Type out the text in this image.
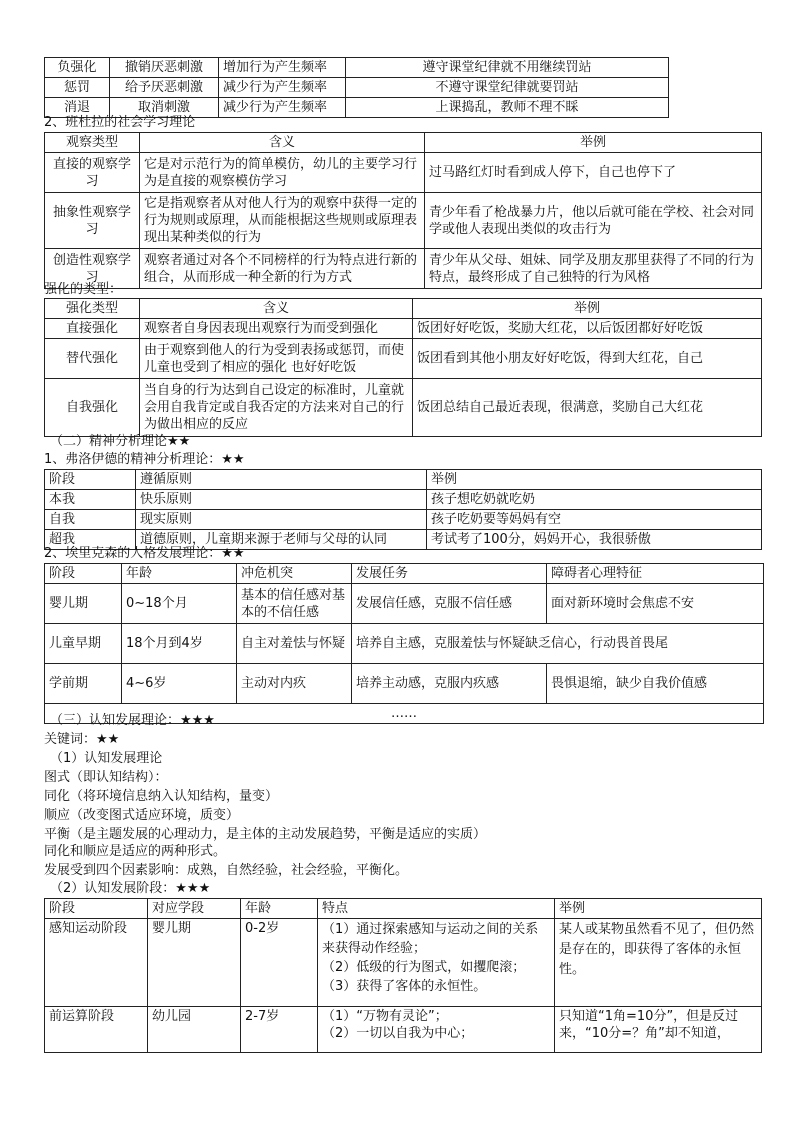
负强化	撤销厌恶刺激	增加行为产生频率	遵守课堂纪律就不用继续罚站
惩罚	给予厌恶刺激	减少行为产生频率	不遵守课堂纪律就要罚站
消退	取消刺激	减少行为产生频率	上课捣乱，教师不理不睬
2、班杜拉的社会学习理论
观察类型	含义	举例
直接的观察学习	它是对示范行为的简单模仿，幼儿的主要学习行为是直接的观察模仿学习	过马路红灯时看到成人停下，自己也停下了
抽象性观察学习	它是指观察者从对他人行为的观察中获得一定的行为规则或原理，从而能根据这些规则或原理表现出某种类似的行为	青少年看了枪战暴力片，他以后就可能在学校、社会对同学或他人表现出类似的攻击行为
创造性观察学习	观察者通过对各个不同榜样的行为特点进行新的组合，从而形成一种全新的行为方式	青少年从父母、姐妹、同学及朋友那里获得了不同的行为特点，最终形成了自己独特的行为风格
强化的类型：
强化类型	含义	举例
直接强化	观察者自身因表现出观察行为而受到强化	饭团好好吃饭，奖励大红花，以后饭团都好好吃饭
替代强化	由于观察到他人的行为受到表扬或惩罚，而使儿童也受到了相应的强化 也好好吃饭	饭团看到其他小朋友好好吃饭，得到大红花，自己
自我强化	当自身的行为达到自己设定的标准时，儿童就会用自我肯定或自我否定的方法来对自己的行为做出相应的反应	饭团总结自己最近表现，很满意，奖励自己大红花
（二）精神分析理论★★
1、弗洛伊德的精神分析理论：★★
阶段	遵循原则	举例
本我	快乐原则	孩子想吃奶就吃奶
自我	现实原则	孩子吃奶要等妈妈有空
超我	道德原则，儿童期来源于老师与父母的认同	考试考了100分，妈妈开心，我很骄傲
2、埃里克森的人格发展理论：★★
阶段	年龄	冲危机突	发展任务	障碍者心理特征
婴儿期	0~18个月	基本的信任感对基本的不信任感	发展信任感，克服不信任感	面对新环境时会焦虑不安
儿童早期	18个月到4岁	自主对羞怯与怀疑	培养自主感，克服羞怯与怀疑缺乏信心，行动畏首畏尾	
学前期	4~6岁	主动对内疚	培养主动感，克服内疚感	畏惧退缩，缺少自我价值感
……				
（三）认知发展理论：★★★
关键词：★★
（1）认知发展理论
图式（即认知结构）：
同化（将环境信息纳入认知结构，量变）
顺应（改变图式适应环境，质变）
平衡（是主题发展的心理动力，是主体的主动发展趋势，平衡是适应的实质）
同化和顺应是适应的两种形式。
发展受到四个因素影响：成熟，自然经验，社会经验，平衡化。
（2）认知发展阶段：★★★
阶段	对应学段	年龄	特点	举例
感知运动阶段	婴儿期	0-2岁	（1）通过探索感知与运动之间的关系来获得动作经验；
（2）低级的行为图式，如攫爬滚；
（3）获得了客体的永恒性。	某人或某物虽然看不见了，但仍然是存在的，即获得了客体的永恒性。
前运算阶段	幼儿园	2-7岁	（1）“万物有灵论”；
（2）一切以自我为中心；	只知道“1角=10分”，但是反过来，“10分=？角”却不知道，
